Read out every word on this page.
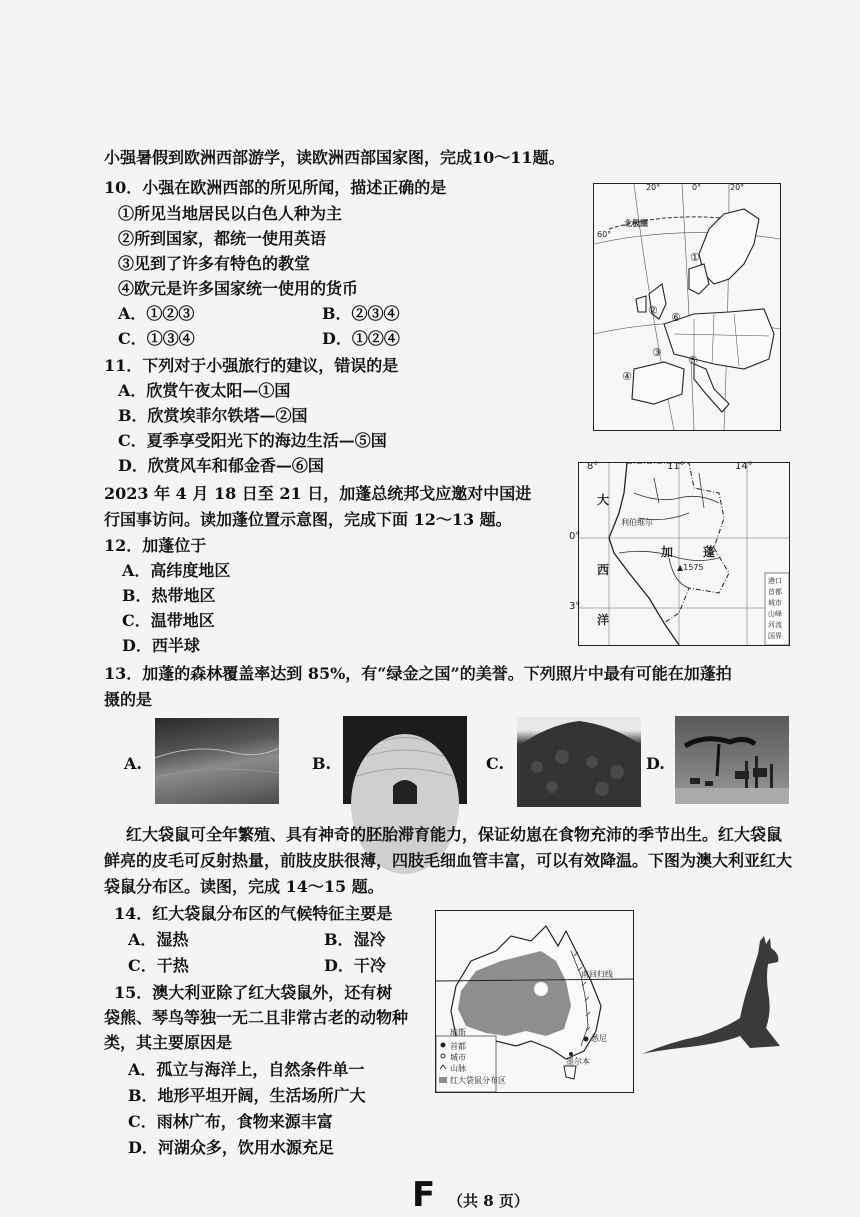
小强暑假到欧洲西部游学，读欧洲西部国家图，完成10～11题。
10．小强在欧洲西部的所见所闻，描述正确的是
①所见当地居民以白色人种为主
②所到国家，都统一使用英语
③见到了许多有特色的教堂
④欧元是许多国家统一使用的货币
A．①②③	B．②③④
C．①③④	D．①②④
11．下列对于小强旅行的建议，错误的是
A．欣赏午夜太阳—①国
B．欣赏埃菲尔铁塔—②国
C．夏季享受阳光下的海边生活—⑤国
D．欣赏风车和郁金香—⑥国
20°	0°	20°
60°
北极圈
①
②
③
④
⑤
⑥
2023 年 4 月 18 日至 21 日，加蓬总统邦戈应邀对中国进
行国事访问。读加蓬位置示意图，完成下面 12～13 题。
12．加蓬位于
A．高纬度地区
B．热带地区
C．温带地区
D．西半球
8°	11°	14°
0°
3°
大
西
洋
加 蓬
利伯维尔
▲1575
港口
首都
城市
山峰
河流
国界
13．加蓬的森林覆盖率达到 85%，有“绿金之国”的美誉。下列照片中最有可能在加蓬拍
摄的是
A.	B.	C.	D.
红大袋鼠可全年繁殖、具有神奇的胚胎滞育能力，保证幼崽在食物充沛的季节出生。红大袋鼠鲜亮的皮毛可反射热量，前肢皮肤很薄，四肢毛细血管丰富，可以有效降温。下图为澳大利亚红大袋鼠分布区。读图，完成 14～15 题。
14．红大袋鼠分布区的气候特征主要是
A．湿热	B．湿冷
C．干热	D．干冷
15．澳大利亚除了红大袋鼠外，还有树
袋熊、琴鸟等独一无二且非常古老的动物种
类，其主要原因是
A．孤立与海洋上，自然条件单一
B．地形平坦开阔，生活场所广大
C．雨林广布，食物来源丰富
D．河湖众多，饮用水源充足
南回归线
珀斯
悉尼
墨尔本
首都
城市
山脉
红大袋鼠分布区
F （共 8 页）
